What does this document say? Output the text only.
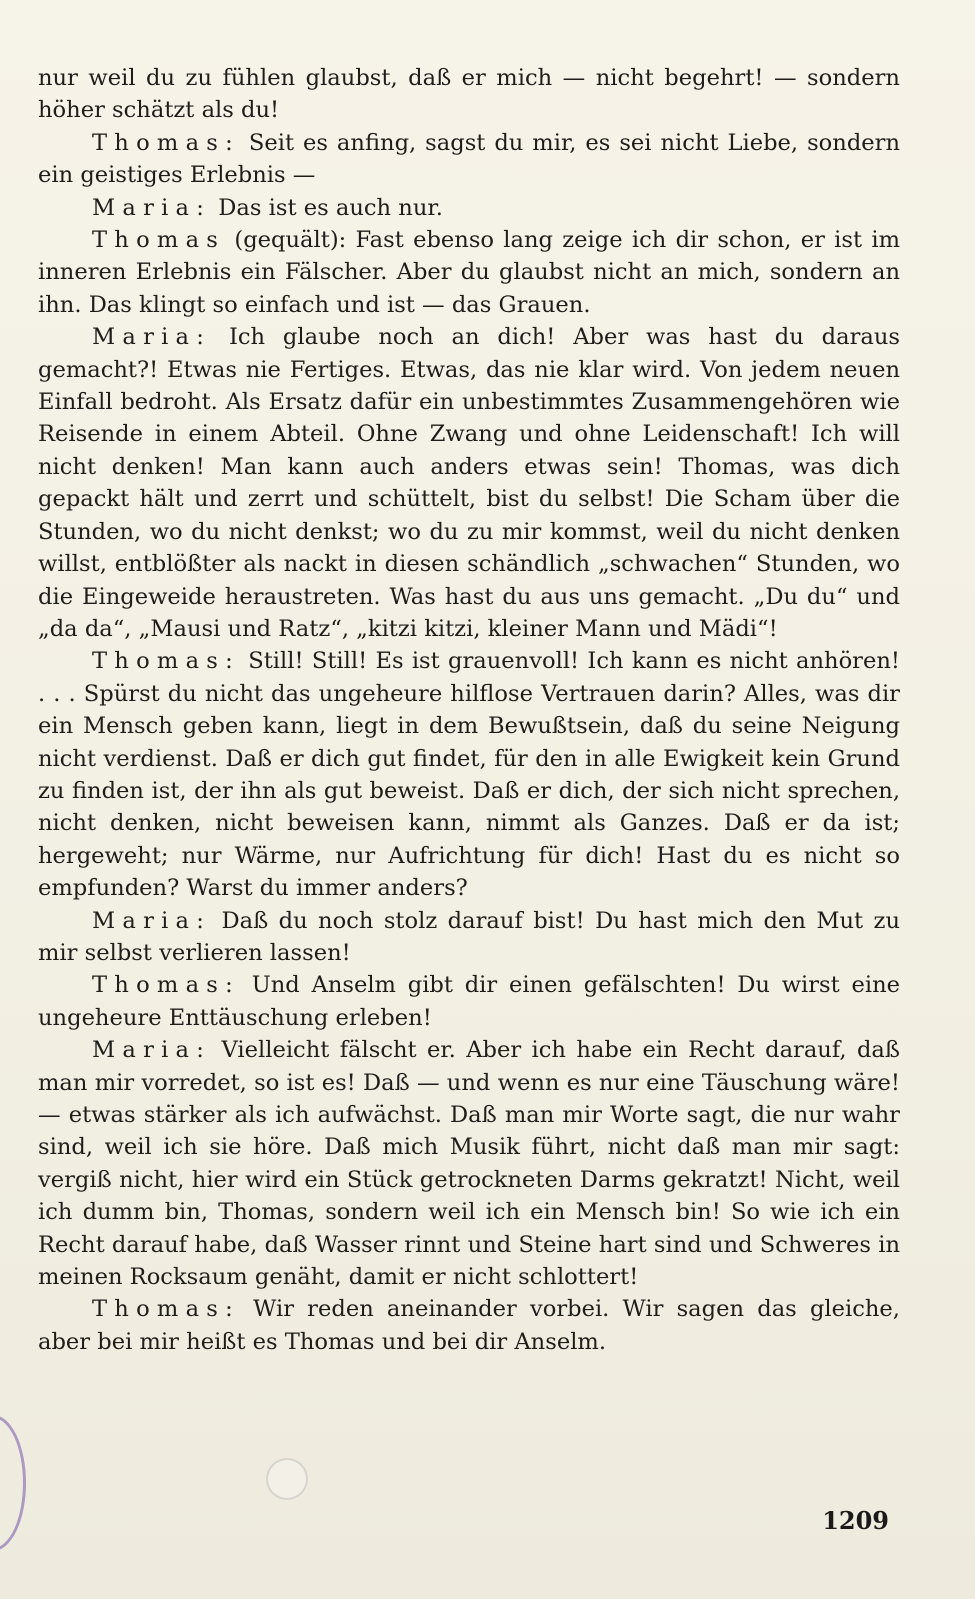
nur weil du zu fühlen glaubst, daß er mich — nicht begehrt! — sondern höher schätzt als du!

Thomas: Seit es anfing, sagst du mir, es sei nicht Liebe, sondern ein geistiges Erlebnis —

Maria: Das ist es auch nur.

Thomas (gequält): Fast ebenso lang zeige ich dir schon, er ist im inneren Erlebnis ein Fälscher. Aber du glaubst nicht an mich, sondern an ihn. Das klingt so einfach und ist — das Grauen.

Maria: Ich glaube noch an dich! Aber was hast du daraus gemacht?! Etwas nie Fertiges. Etwas, das nie klar wird. Von jedem neuen Einfall bedroht. Als Ersatz dafür ein unbestimmtes Zusammengehören wie Reisende in einem Abteil. Ohne Zwang und ohne Leidenschaft! Ich will nicht denken! Man kann auch anders etwas sein! Thomas, was dich gepackt hält und zerrt und schüttelt, bist du selbst! Die Scham über die Stunden, wo du nicht denkst; wo du zu mir kommst, weil du nicht denken willst, entblößter als nackt in diesen schändlich „schwachen“ Stunden, wo die Eingeweide heraustreten. Was hast du aus uns gemacht. „Du du“ und „da da“, „Mausi und Ratz“, „kitzi kitzi, kleiner Mann und Mädi“!

Thomas: Still! Still! Es ist grauenvoll! Ich kann es nicht anhören! . . . Spürst du nicht das ungeheure hilflose Vertrauen darin? Alles, was dir ein Mensch geben kann, liegt in dem Bewußtsein, daß du seine Neigung nicht verdienst. Daß er dich gut findet, für den in alle Ewigkeit kein Grund zu finden ist, der ihn als gut beweist. Daß er dich, der sich nicht sprechen, nicht denken, nicht beweisen kann, nimmt als Ganzes. Daß er da ist; hergeweht; nur Wärme, nur Aufrichtung für dich! Hast du es nicht so empfunden? Warst du immer anders?

Maria: Daß du noch stolz darauf bist! Du hast mich den Mut zu mir selbst verlieren lassen!

Thomas: Und Anselm gibt dir einen gefälschten! Du wirst eine ungeheure Enttäuschung erleben!

Maria: Vielleicht fälscht er. Aber ich habe ein Recht darauf, daß man mir vorredet, so ist es! Daß — und wenn es nur eine Täuschung wäre! — etwas stärker als ich aufwächst. Daß man mir Worte sagt, die nur wahr sind, weil ich sie höre. Daß mich Musik führt, nicht daß man mir sagt: vergiß nicht, hier wird ein Stück getrockneten Darms gekratzt! Nicht, weil ich dumm bin, Thomas, sondern weil ich ein Mensch bin! So wie ich ein Recht darauf habe, daß Wasser rinnt und Steine hart sind und Schweres in meinen Rocksaum genäht, damit er nicht schlottert!

Thomas: Wir reden aneinander vorbei. Wir sagen das gleiche, aber bei mir heißt es Thomas und bei dir Anselm.

1209
